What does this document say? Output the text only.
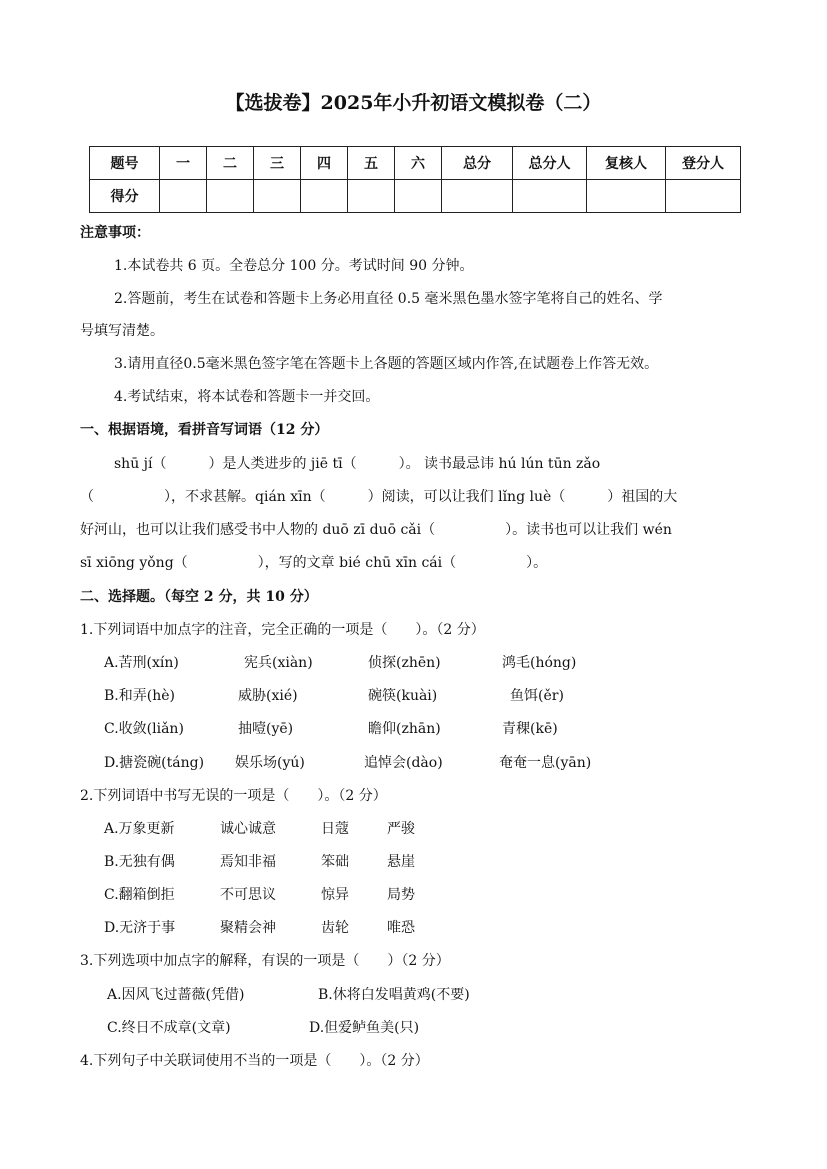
【选拔卷】2025年小升初语文模拟卷（二）
题号	一	二	三	四	五	六	总分	总分人	复核人	登分人
得分										
注意事项：
1.本试卷共 6 页。全卷总分 100 分。考试时间 90 分钟。
2.答题前，考生在试卷和答题卡上务必用直径 0.5 毫米黑色墨水签字笔将自己的姓名、学
号填写清楚。
3.请用直径0.5毫米黑色签字笔在答题卡上各题的答题区域内作答,在试题卷上作答无效。
4.考试结束，将本试卷和答题卡一并交回。
一、根据语境，看拼音写词语（12 分）
shū jí（　　　）是人类进步的 jiē tī（　　　）。 读书最忌讳 hú lún tūn zǎo
（　　　　　），不求甚解。qián xīn（　　　）阅读，可以让我们 lǐng luè（　　　）祖国的大
好河山，也可以让我们感受书中人物的 duō zī duō cǎi（　　　　　）。读书也可以让我们 wén
sī xiōng yǒng（　　　　　），写的文章 bié chū xīn cái（　　　　　）。
二、选择题。（每空 2 分，共 10 分）
1.下列词语中加点字的注音，完全正确的一项是（　　）。（2 分）
A.苦刑(xín)	宪兵(xiàn)	侦探(zhēn)	鸿毛(hóng)
B.和弄(hè)	威胁(xié)	碗筷(kuài)	鱼饵(ěr)
C.收敛(liǎn)	抽噎(yē)	瞻仰(zhān)	青稞(kē)
D.搪瓷碗(táng) 娱乐场(yú)	追悼会(dào)	奄奄一息(yān)
2.下列词语中书写无误的一项是（　　）。（2 分）
A.万象更新	诚心诚意	日蔻	严骏
B.无独有偶	焉知非福	笨础	悬崖
C.翻箱倒拒	不可思议	惊异	局势
D.无济于事	聚精会神	齿轮	唯恐
3.下列选项中加点字的解释，有误的一项是（　　）（2 分）
A.因风飞过蔷薇(凭借)	B.休将白发唱黄鸡(不要)
C.终日不成章(文章)	D.但爱鲈鱼美(只)
4.下列句子中关联词使用不当的一项是（　　）。（2 分）
